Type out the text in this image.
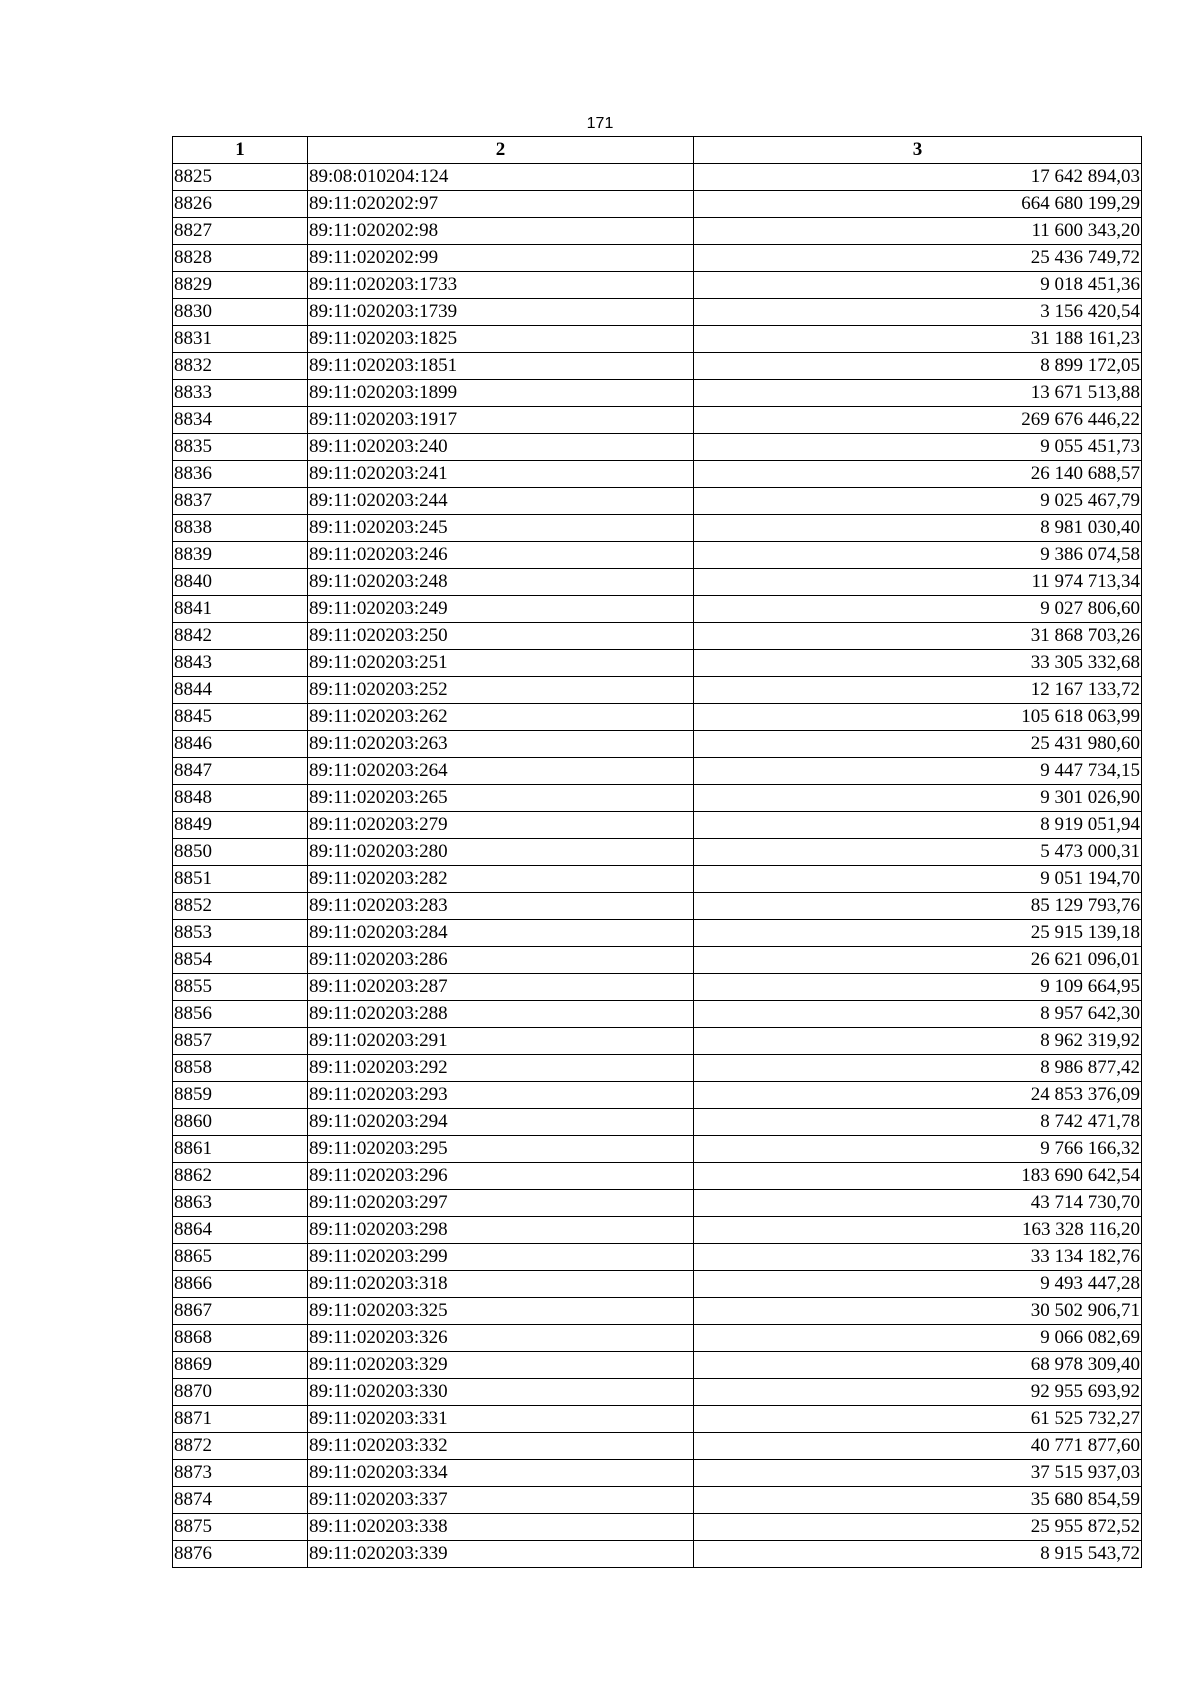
171
1	2	3
8825	89:08:010204:124	17 642 894,03
8826	89:11:020202:97	664 680 199,29
8827	89:11:020202:98	11 600 343,20
8828	89:11:020202:99	25 436 749,72
8829	89:11:020203:1733	9 018 451,36
8830	89:11:020203:1739	3 156 420,54
8831	89:11:020203:1825	31 188 161,23
8832	89:11:020203:1851	8 899 172,05
8833	89:11:020203:1899	13 671 513,88
8834	89:11:020203:1917	269 676 446,22
8835	89:11:020203:240	9 055 451,73
8836	89:11:020203:241	26 140 688,57
8837	89:11:020203:244	9 025 467,79
8838	89:11:020203:245	8 981 030,40
8839	89:11:020203:246	9 386 074,58
8840	89:11:020203:248	11 974 713,34
8841	89:11:020203:249	9 027 806,60
8842	89:11:020203:250	31 868 703,26
8843	89:11:020203:251	33 305 332,68
8844	89:11:020203:252	12 167 133,72
8845	89:11:020203:262	105 618 063,99
8846	89:11:020203:263	25 431 980,60
8847	89:11:020203:264	9 447 734,15
8848	89:11:020203:265	9 301 026,90
8849	89:11:020203:279	8 919 051,94
8850	89:11:020203:280	5 473 000,31
8851	89:11:020203:282	9 051 194,70
8852	89:11:020203:283	85 129 793,76
8853	89:11:020203:284	25 915 139,18
8854	89:11:020203:286	26 621 096,01
8855	89:11:020203:287	9 109 664,95
8856	89:11:020203:288	8 957 642,30
8857	89:11:020203:291	8 962 319,92
8858	89:11:020203:292	8 986 877,42
8859	89:11:020203:293	24 853 376,09
8860	89:11:020203:294	8 742 471,78
8861	89:11:020203:295	9 766 166,32
8862	89:11:020203:296	183 690 642,54
8863	89:11:020203:297	43 714 730,70
8864	89:11:020203:298	163 328 116,20
8865	89:11:020203:299	33 134 182,76
8866	89:11:020203:318	9 493 447,28
8867	89:11:020203:325	30 502 906,71
8868	89:11:020203:326	9 066 082,69
8869	89:11:020203:329	68 978 309,40
8870	89:11:020203:330	92 955 693,92
8871	89:11:020203:331	61 525 732,27
8872	89:11:020203:332	40 771 877,60
8873	89:11:020203:334	37 515 937,03
8874	89:11:020203:337	35 680 854,59
8875	89:11:020203:338	25 955 872,52
8876	89:11:020203:339	8 915 543,72
